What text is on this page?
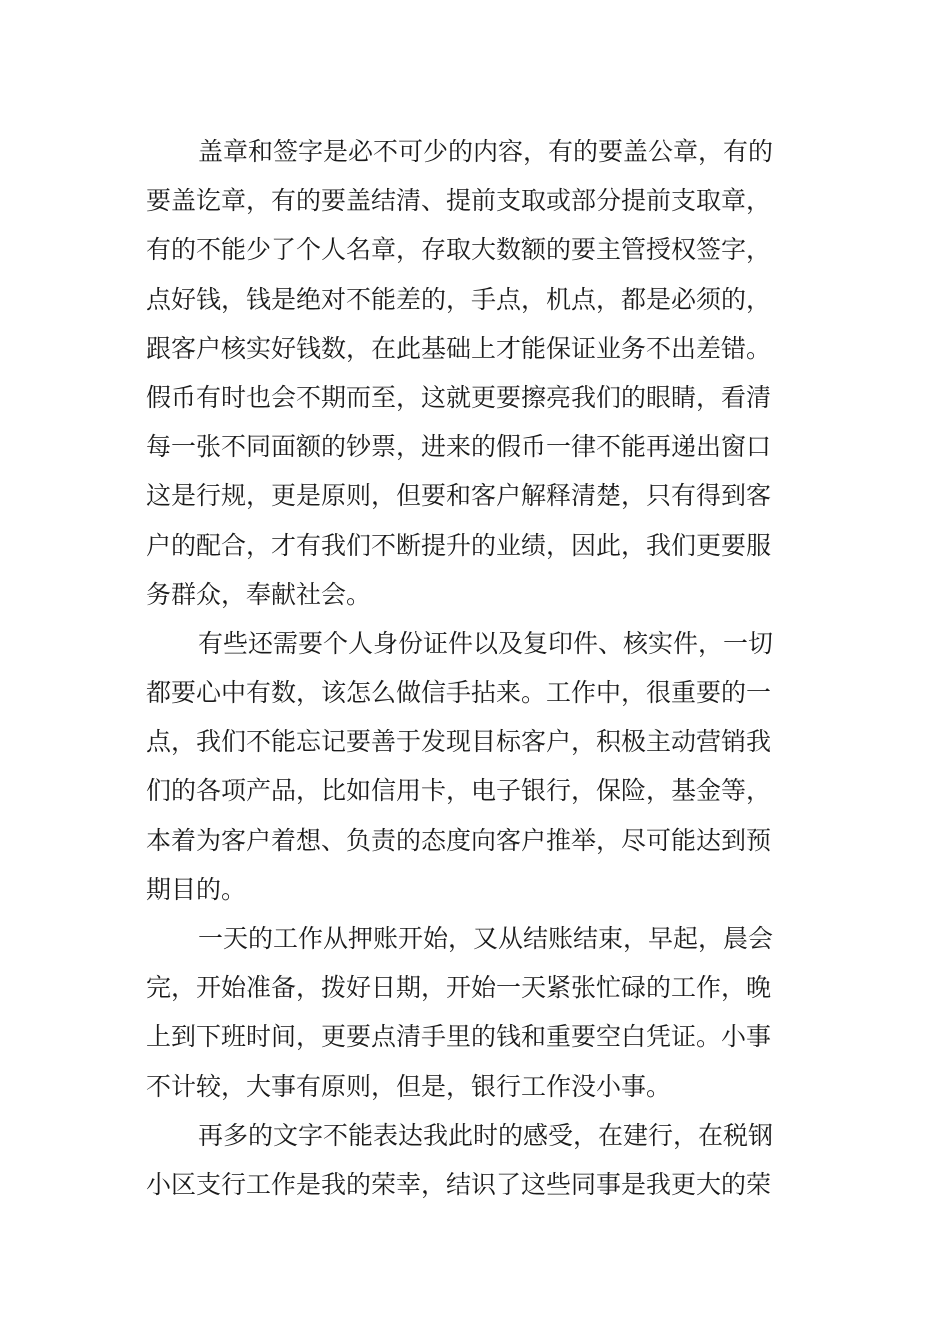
盖章和签字是必不可少的内容，有的要盖公章，有的
要盖讫章，有的要盖结清、提前支取或部分提前支取章，
有的不能少了个人名章，存取大数额的要主管授权签字，
点好钱，钱是绝对不能差的，手点，机点，都是必须的，
跟客户核实好钱数，在此基础上才能保证业务不出差错。
假币有时也会不期而至，这就更要擦亮我们的眼睛，看清
每一张不同面额的钞票，进来的假币一律不能再递出窗口
这是行规，更是原则，但要和客户解释清楚，只有得到客
户的配合，才有我们不断提升的业绩，因此，我们更要服
务群众，奉献社会。
有些还需要个人身份证件以及复印件、核实件，一切
都要心中有数，该怎么做信手拈来。工作中，很重要的一
点，我们不能忘记要善于发现目标客户，积极主动营销我
们的各项产品，比如信用卡，电子银行，保险，基金等，
本着为客户着想、负责的态度向客户推举，尽可能达到预
期目的。
一天的工作从押账开始，又从结账结束，早起，晨会
完，开始准备，拨好日期，开始一天紧张忙碌的工作，晚
上到下班时间，更要点清手里的钱和重要空白凭证。小事
不计较，大事有原则，但是，银行工作没小事。
再多的文字不能表达我此时的感受，在建行，在税钢
小区支行工作是我的荣幸，结识了这些同事是我更大的荣
